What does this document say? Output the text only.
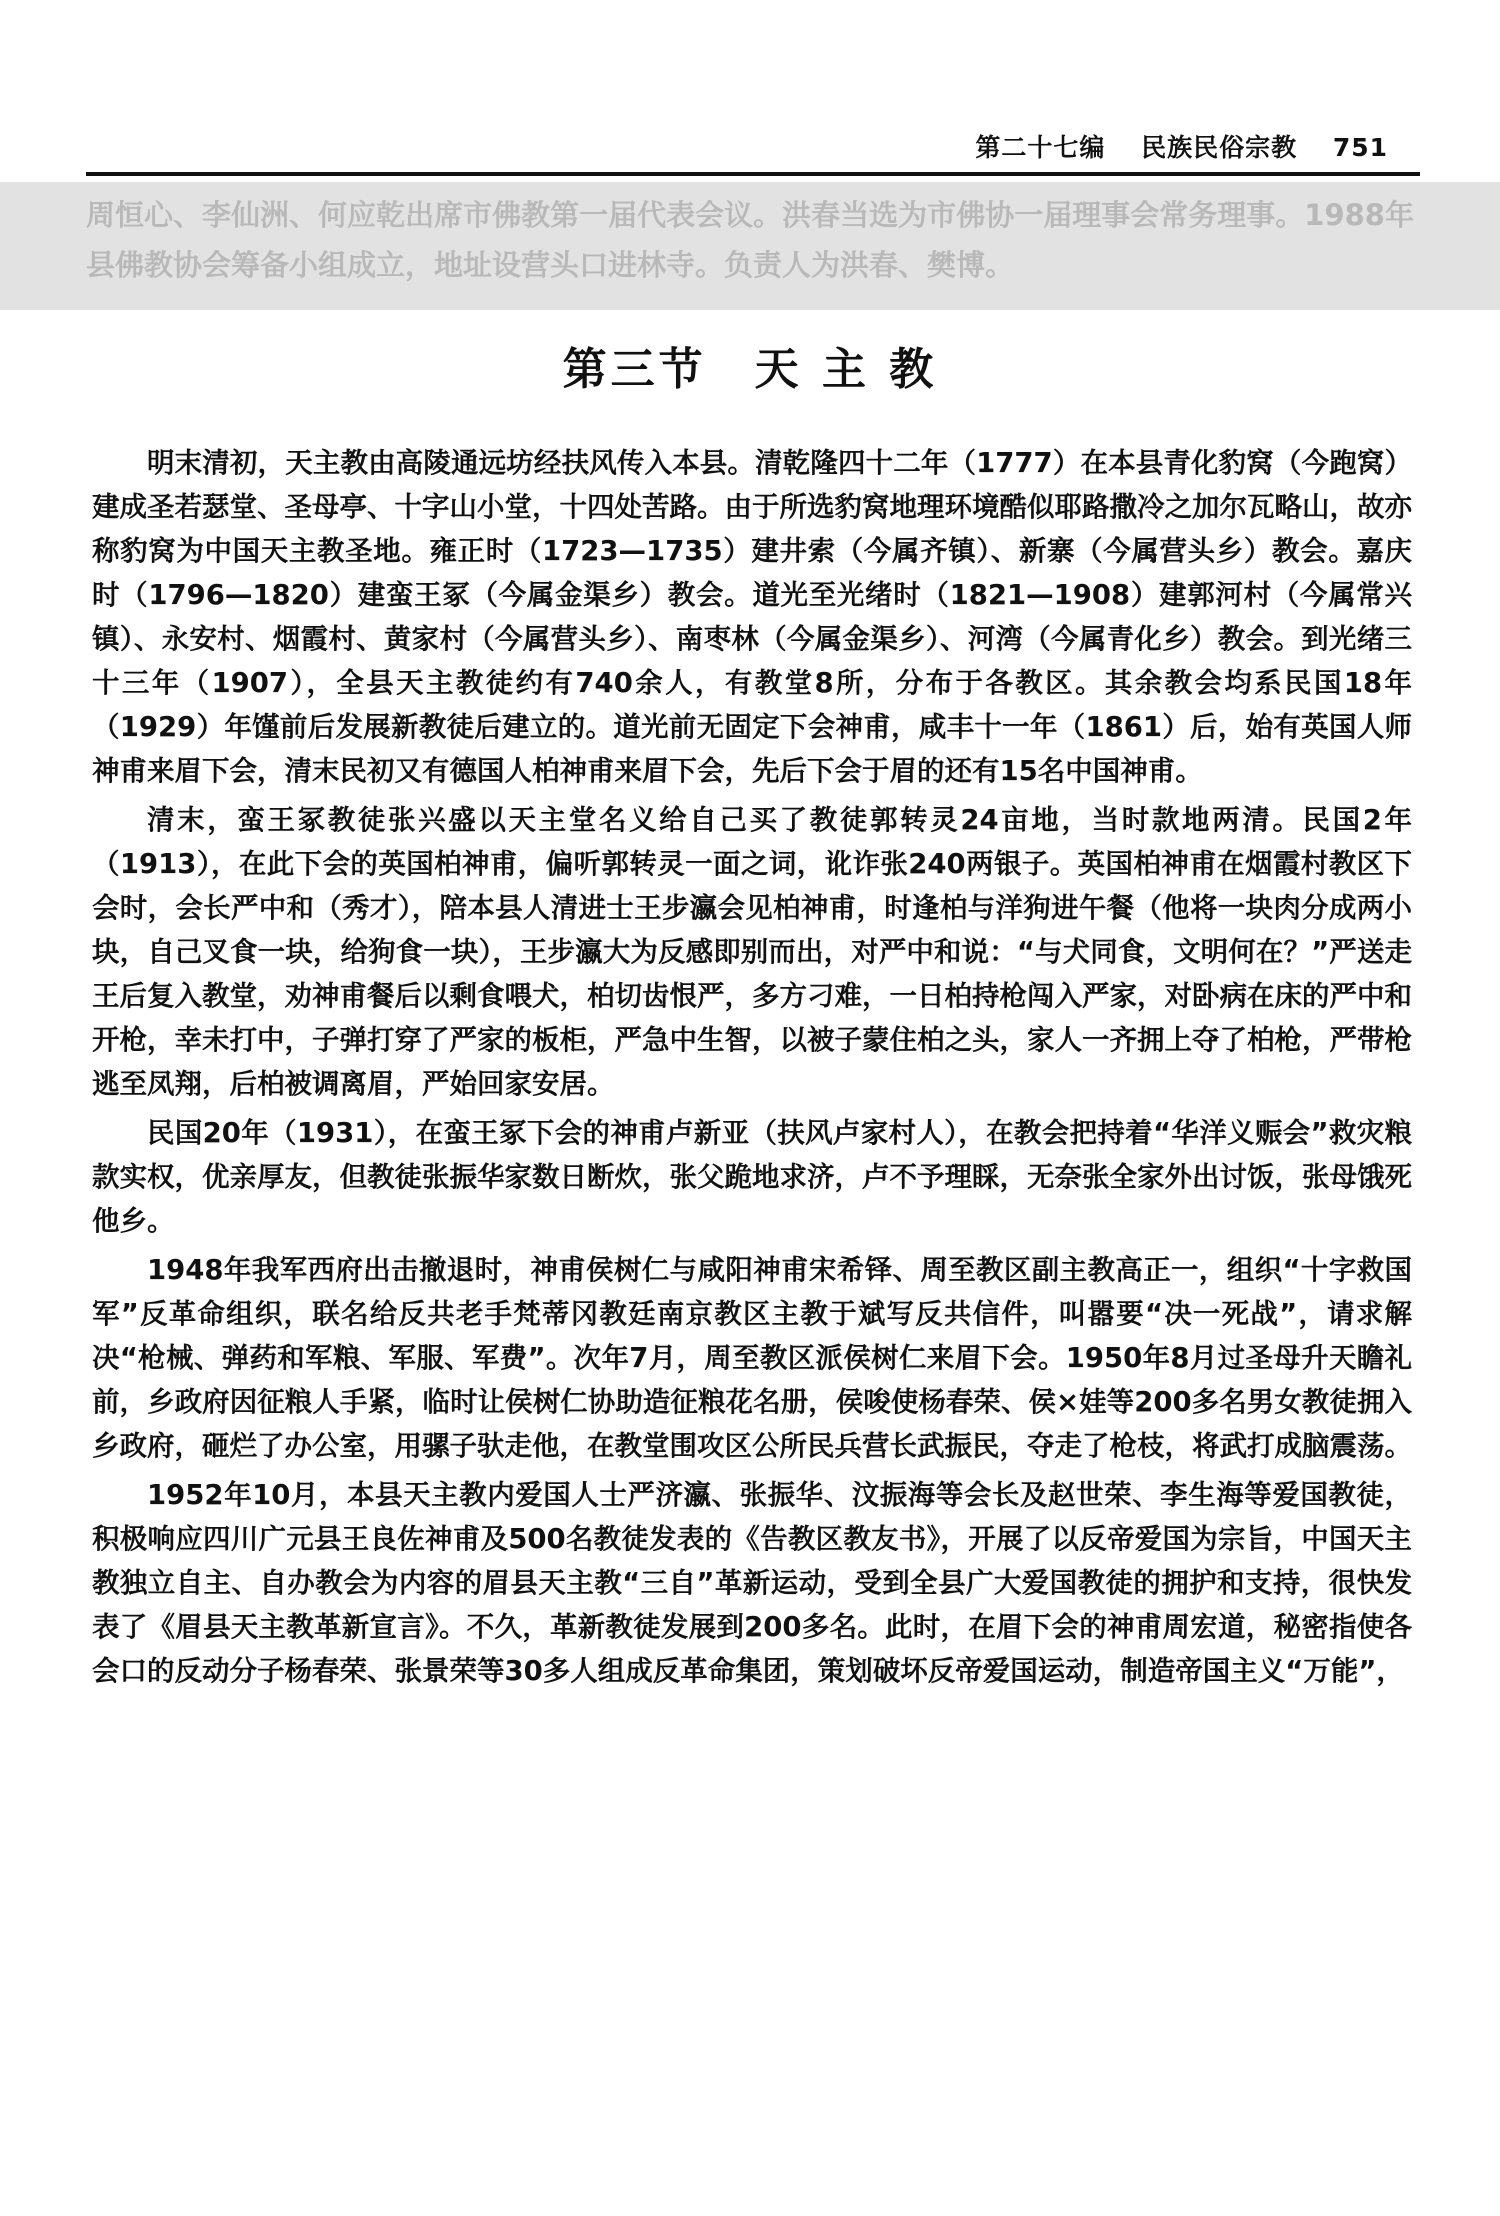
第二十七编 民族民俗宗教 751

周恒心、李仙洲、何应乾出席市佛教第一届代表会议。洪春当选为市佛协一届理事会常务理事。1988年县佛教协会筹备小组成立，地址设营头口进林寺。负责人为洪春、樊博。

第三节　天 主 教

明末清初，天主教由高陵通远坊经扶风传入本县。清乾隆四十二年（1777）在本县青化豹窝（今跑窝）建成圣若瑟堂、圣母亭、十字山小堂，十四处苦路。由于所选豹窝地理环境酷似耶路撒冷之加尔瓦略山，故亦称豹窝为中国天主教圣地。雍正时（1723—1735）建井索（今属齐镇）、新寨（今属营头乡）教会。嘉庆时（1796—1820）建蛮王冢（今属金渠乡）教会。道光至光绪时（1821—1908）建郭河村（今属常兴镇）、永安村、烟霞村、黄家村（今属营头乡）、南枣林（今属金渠乡）、河湾（今属青化乡）教会。到光绪三十三年（1907），全县天主教徒约有740余人，有教堂8所，分布于各教区。其余教会均系民国18年（1929）年馑前后发展新教徒后建立的。道光前无固定下会神甫，咸丰十一年（1861）后，始有英国人师神甫来眉下会，清末民初又有德国人柏神甫来眉下会，先后下会于眉的还有15名中国神甫。

清末，蛮王冢教徒张兴盛以天主堂名义给自己买了教徒郭转灵24亩地，当时款地两清。民国2年（1913），在此下会的英国柏神甫，偏听郭转灵一面之词，讹诈张240两银子。英国柏神甫在烟霞村教区下会时，会长严中和（秀才），陪本县人清进士王步瀛会见柏神甫，时逢柏与洋狗进午餐（他将一块肉分成两小块，自己叉食一块，给狗食一块），王步瀛大为反感即别而出，对严中和说：“与犬同食，文明何在？”严送走王后复入教堂，劝神甫餐后以剩食喂犬，柏切齿恨严，多方刁难，一日柏持枪闯入严家，对卧病在床的严中和开枪，幸未打中，子弹打穿了严家的板柜，严急中生智，以被子蒙住柏之头，家人一齐拥上夺了柏枪，严带枪逃至凤翔，后柏被调离眉，严始回家安居。

民国20年（1931），在蛮王冢下会的神甫卢新亚（扶风卢家村人），在教会把持着“华洋义赈会”救灾粮款实权，优亲厚友，但教徒张振华家数日断炊，张父跪地求济，卢不予理睬，无奈张全家外出讨饭，张母饿死他乡。

1948年我军西府出击撤退时，神甫侯树仁与咸阳神甫宋希铎、周至教区副主教高正一，组织“十字救国军”反革命组织，联名给反共老手梵蒂冈教廷南京教区主教于斌写反共信件，叫嚣要“决一死战”，请求解决“枪械、弹药和军粮、军服、军费”。次年7月，周至教区派侯树仁来眉下会。1950年8月过圣母升天瞻礼前，乡政府因征粮人手紧，临时让侯树仁协助造征粮花名册，侯唆使杨春荣、侯×娃等200多名男女教徒拥入乡政府，砸烂了办公室，用骡子驮走他，在教堂围攻区公所民兵营长武振民，夺走了枪枝，将武打成脑震荡。

1952年10月，本县天主教内爱国人士严济瀛、张振华、汶振海等会长及赵世荣、李生海等爱国教徒，积极响应四川广元县王良佐神甫及500名教徒发表的《告教区教友书》，开展了以反帝爱国为宗旨，中国天主教独立自主、自办教会为内容的眉县天主教“三自”革新运动，受到全县广大爱国教徒的拥护和支持，很快发表了《眉县天主教革新宣言》。不久，革新教徒发展到200多名。此时，在眉下会的神甫周宏道，秘密指使各会口的反动分子杨春荣、张景荣等30多人组成反革命集团，策划破坏反帝爱国运动，制造帝国主义“万能”，
